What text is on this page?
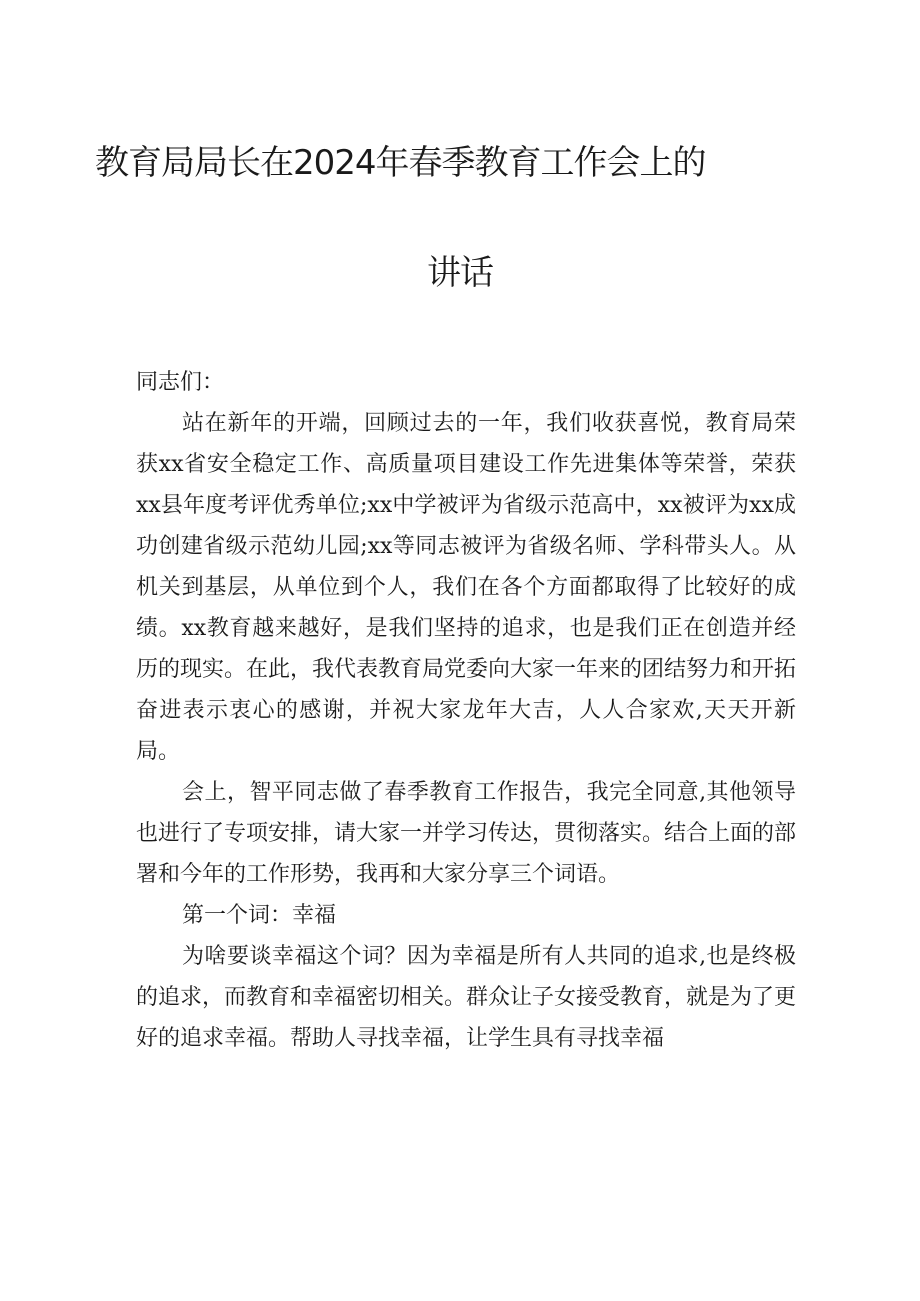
教育局局长在2024年春季教育工作会上的
讲话

同志们：

站在新年的开端，回顾过去的一年，我们收获喜悦，教育局荣获xx省安全稳定工作、高质量项目建设工作先进集体等荣誉，荣获xx县年度考评优秀单位;xx中学被评为省级示范高中，xx被评为xx成功创建省级示范幼儿园;xx等同志被评为省级名师、学科带头人。从机关到基层，从单位到个人，我们在各个方面都取得了比较好的成绩。xx教育越来越好，是我们坚持的追求，也是我们正在创造并经历的现实。在此，我代表教育局党委向大家一年来的团结努力和开拓奋进表示衷心的感谢，并祝大家龙年大吉，人人合家欢,天天开新局。

会上，智平同志做了春季教育工作报告，我完全同意,其他领导也进行了专项安排，请大家一并学习传达，贯彻落实。结合上面的部署和今年的工作形势，我再和大家分享三个词语。

第一个词：幸福

为啥要谈幸福这个词？因为幸福是所有人共同的追求,也是终极的追求，而教育和幸福密切相关。群众让子女接受教育，就是为了更好的追求幸福。帮助人寻找幸福，让学生具有寻找幸福
